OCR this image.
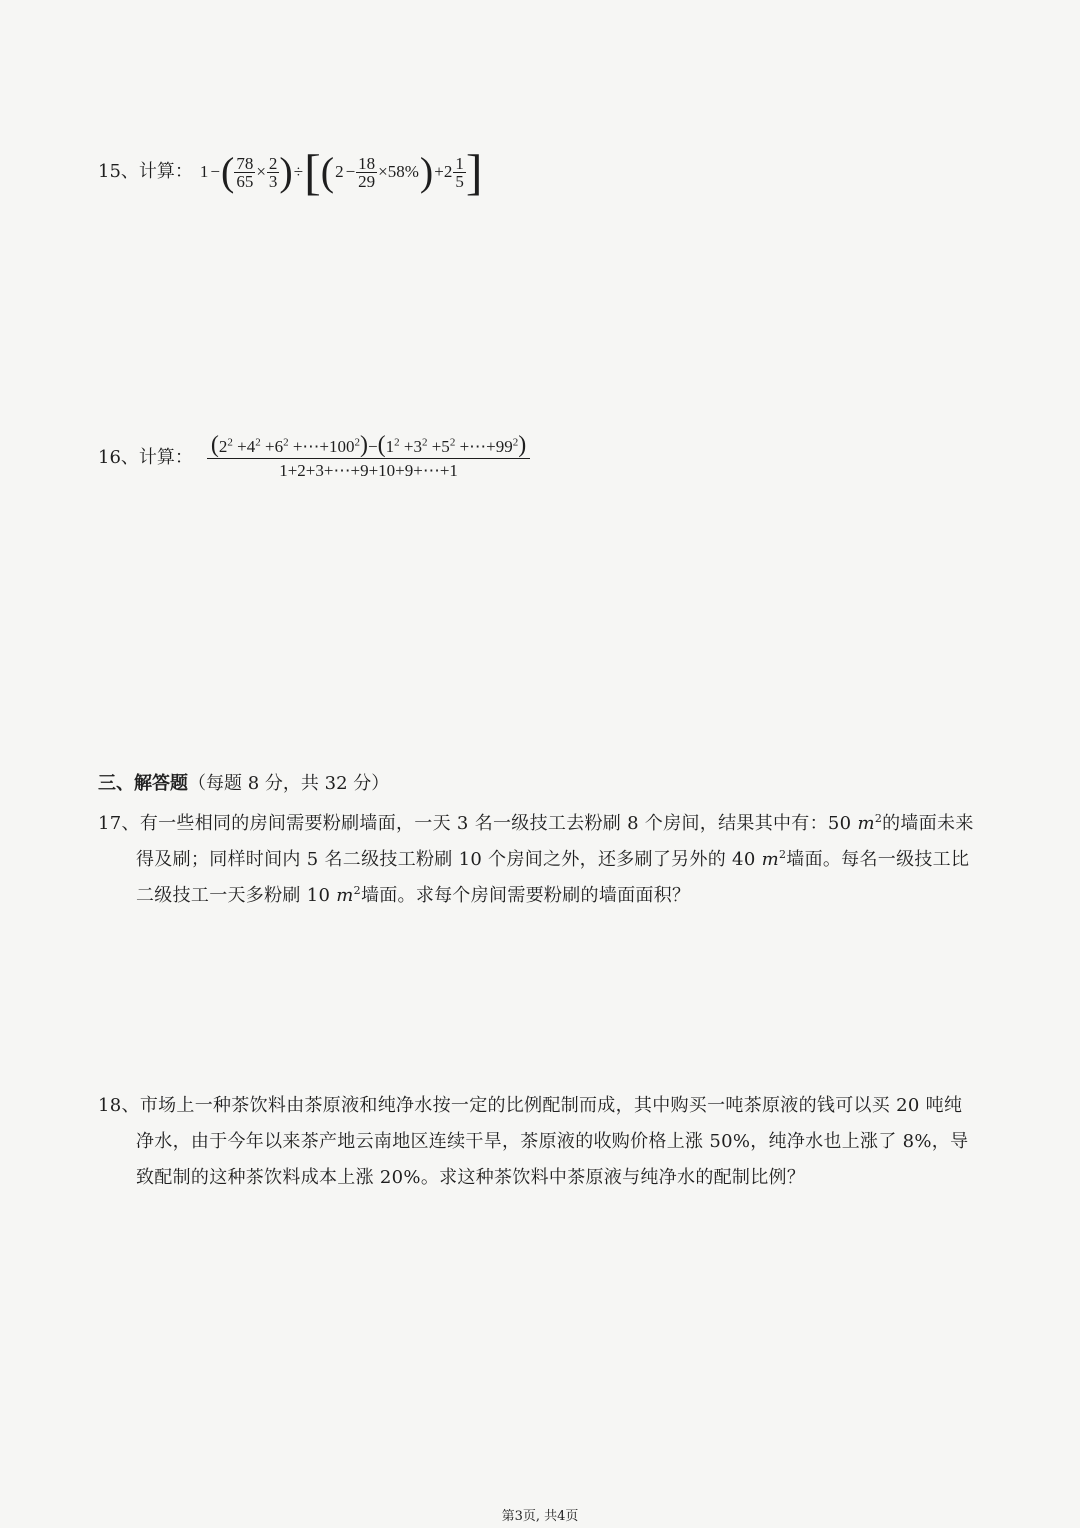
15、计算： 1 −( $\frac{78}{65} \times \frac{2}{3} )\div[(2 - \frac{18}{29} \times 58\%)+2 \frac{1}{5}$ ]
16、计算： ($2^2 +4^2 +6^2$ $+\cdots+100^2)-(1^2 +3^2 +5^2$ $+\cdots+99^2$)
1+2+3+⋯+9+10+9+⋯+1
三、解答题（每题 8 分，共 32 分）
17、有一些相同的房间需要粉刷墙面，一天 3 名一级技工去粉刷 8 个房间，结果其中有：50 $m^2$的墙面未来
得及刷；同样时间内 5 名二级技工粉刷 10 个房间之外，还多刷了另外的 40 $m^2$墙面。每名一级技工比
二级技工一天多粉刷 10 $m^2$墙面。求每个房间需要粉刷的墙面面积？
18、市场上一种茶饮料由茶原液和纯净水按一定的比例配制而成，其中购买一吨茶原液的钱可以买 20 吨纯
净水，由于今年以来茶产地云南地区连续干旱，茶原液的收购价格上涨 50%，纯净水也上涨了 8%，导
致配制的这种茶饮料成本上涨 20%。求这种茶饮料中茶原液与纯净水的配制比例？
第3页, 共4页
